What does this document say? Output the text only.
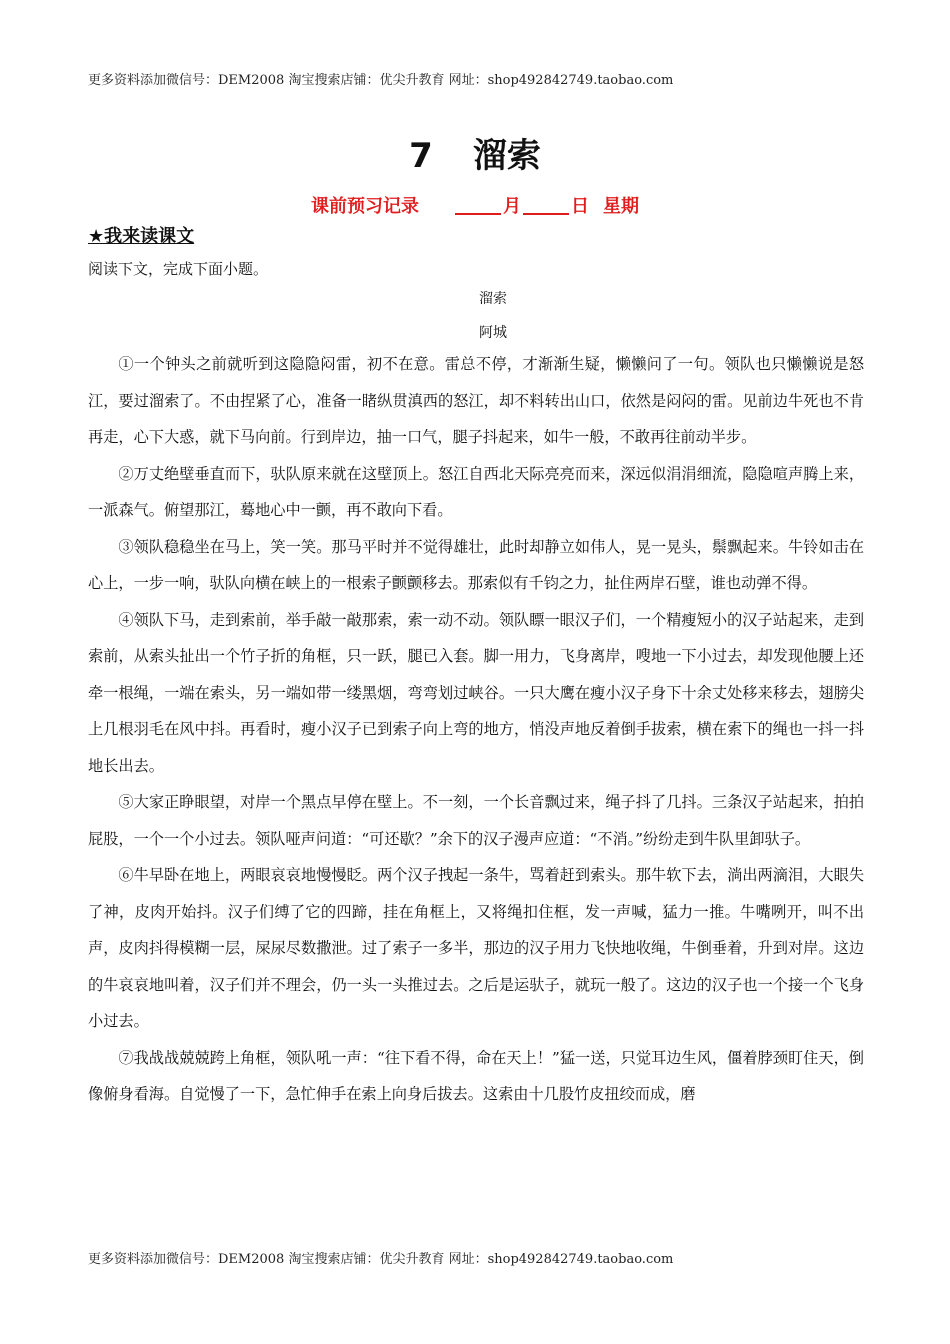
更多资料添加微信号：DEM2008 淘宝搜索店铺：优尖升教育 网址：shop492842749.taobao.com
7 溜索
课前预习记录	月	日 星期
★我来读课文
阅读下文，完成下面小题。
溜索
阿城

①一个钟头之前就听到这隐隐闷雷，初不在意。雷总不停，才渐渐生疑，懒懒问了一句。领队也只懒懒说是怒江，要过溜索了。不由捏紧了心，准备一睹纵贯滇西的怒江，却不料转出山口，依然是闷闷的雷。见前边牛死也不肯再走，心下大惑，就下马向前。行到岸边，抽一口气，腿子抖起来，如牛一般，不敢再往前动半步。

②万丈绝壁垂直而下，驮队原来就在这壁顶上。怒江自西北天际亮亮而来，深远似涓涓细流，隐隐喧声腾上来，一派森气。俯望那江，蓦地心中一颤，再不敢向下看。

③领队稳稳坐在马上，笑一笑。那马平时并不觉得雄壮，此时却静立如伟人，晃一晃头，鬃飘起来。牛铃如击在心上，一步一响，驮队向横在峡上的一根索子颤颤移去。那索似有千钧之力，扯住两岸石壁，谁也动弹不得。

④领队下马，走到索前，举手敲一敲那索，索一动不动。领队瞟一眼汉子们，一个精瘦短小的汉子站起来，走到索前，从索头扯出一个竹子折的角框，只一跃，腿已入套。脚一用力，飞身离岸，嗖地一下小过去，却发现他腰上还牵一根绳，一端在索头，另一端如带一缕黑烟，弯弯划过峡谷。一只大鹰在瘦小汉子身下十余丈处移来移去，翅膀尖上几根羽毛在风中抖。再看时，瘦小汉子已到索子向上弯的地方，悄没声地反着倒手拔索，横在索下的绳也一抖一抖地长出去。

⑤大家正睁眼望，对岸一个黑点早停在壁上。不一刻，一个长音飘过来，绳子抖了几抖。三条汉子站起来，拍拍屁股，一个一个小过去。领队哑声问道：“可还歇？”余下的汉子漫声应道：“不消。”纷纷走到牛队里卸驮子。

⑥牛早卧在地上，两眼哀哀地慢慢眨。两个汉子拽起一条牛，骂着赶到索头。那牛软下去，淌出两滴泪，大眼失了神，皮肉开始抖。汉子们缚了它的四蹄，挂在角框上，又将绳扣住框，发一声喊，猛力一推。牛嘴咧开，叫不出声，皮肉抖得模糊一层，屎尿尽数撒泄。过了索子一多半，那边的汉子用力飞快地收绳，牛倒垂着，升到对岸。这边的牛哀哀地叫着，汉子们并不理会，仍一头一头推过去。之后是运驮子，就玩一般了。这边的汉子也一个接一个飞身小过去。

⑦我战战兢兢跨上角框，领队吼一声：“往下看不得，命在天上！”猛一送，只觉耳边生风，僵着脖颈盯住天，倒像俯身看海。自觉慢了一下，急忙伸手在索上向身后拔去。这索由十几股竹皮扭绞而成，磨

更多资料添加微信号：DEM2008 淘宝搜索店铺：优尖升教育 网址：shop492842749.taobao.com
